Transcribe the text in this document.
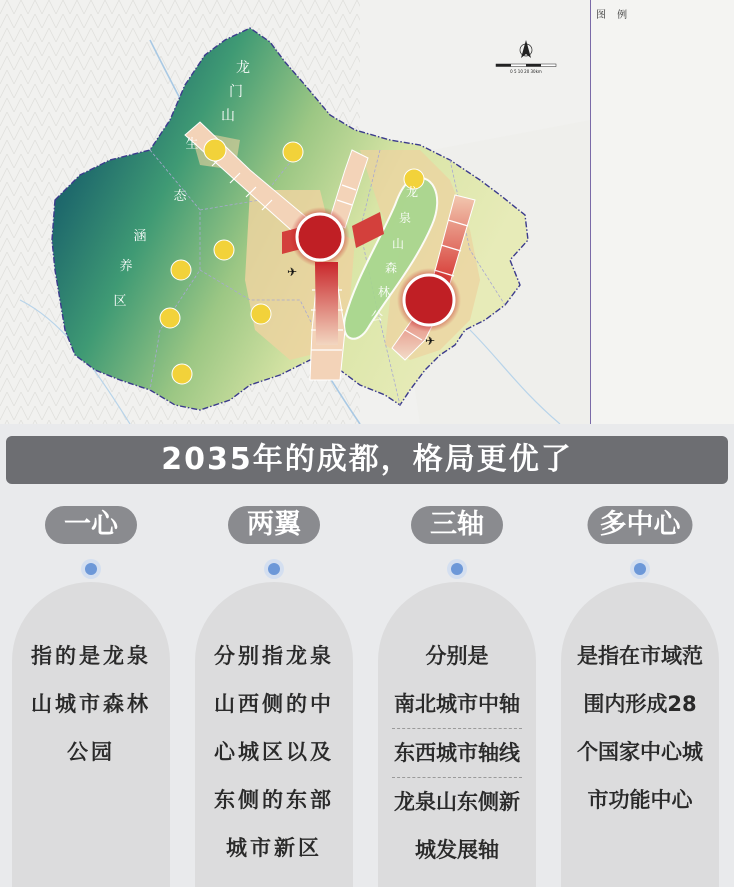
✈
✈
龙
门
山
生
态
涵
养
区
龙
泉
山
森
林
公
0 5 10 20 30km
图 例
2035年的成都，格局更优了
一心
指的是龙泉
山城市森林
公园
两翼
分别指龙泉
山西侧的中
心城区以及
东侧的东部
城市新区
三轴
分别是
南北城市中轴
东西城市轴线
龙泉山东侧新
城发展轴
多中心
是指在市域范
围内形成28
个国家中心城
市功能中心
